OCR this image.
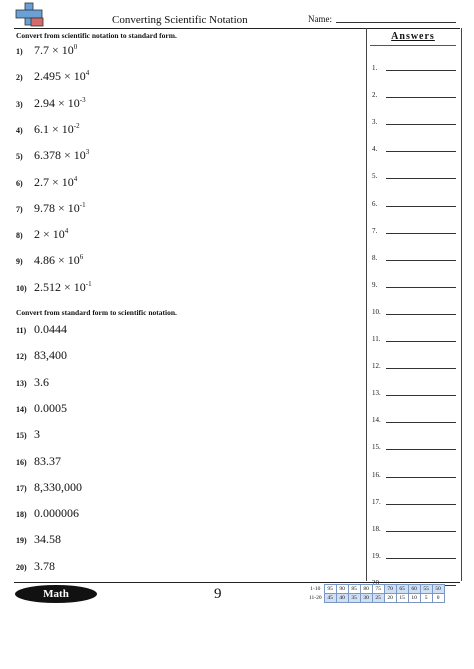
Converting Scientific Notation	Name:
Answers
1.
2.
3.
4.
5.
6.
7.
8.
9.
10.
11.
12.
13.
14.
15.
16.
17.
18.
19.
20.
Convert from scientific notation to standard form.
1) $7.7 \times 10^0$
2) $2.495 \times 10^4$
3) $2.94 \times 10^{-3}$
4) $6.1 \times 10^{-2}$
5) $6.378 \times 10^3$
6) $2.7 \times 10^4$
7) $9.78 \times 10^{-1}$
8) $2 \times 10^4$
9) $4.86 \times 10^6$
10) $2.512 \times 10^{-1}$
Convert from standard form to scientific notation.
11) 0.0444
12) 83,400
13) 3.6
14) 0.0005
15) 3
16) 83.37
17) 8,330,000
18) 0.000006
19) 34.58
20) 3.78
Math	9	1-10	95	90	85	80	75	70	65	60	55	50
11-20	45	40	35	30	25	20	15	10	5	0
